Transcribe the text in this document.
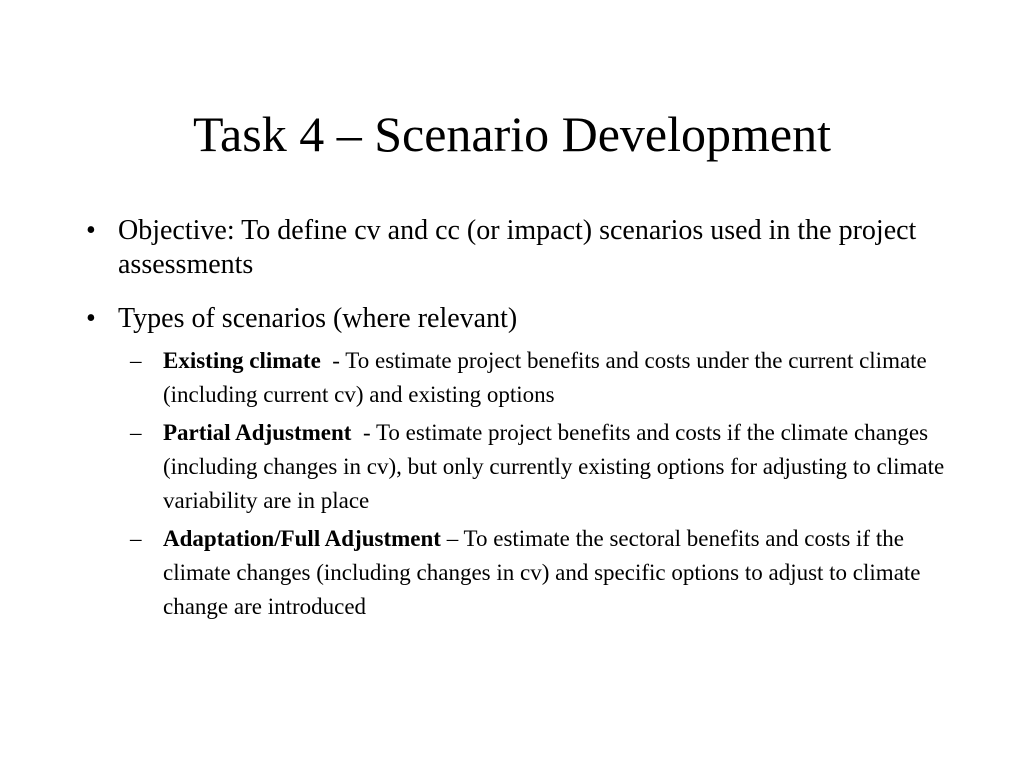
Task 4 – Scenario Development
• Objective: To define cv and cc (or impact) scenarios used in the project assessments
• Types of scenarios (where relevant)
– Existing climate  - To estimate project benefits and costs under the current climate (including current cv) and existing options
– Partial Adjustment  - To estimate project benefits and costs if the climate changes (including changes in cv), but only currently existing options for adjusting to climate variability are in place
– Adaptation/Full Adjustment – To estimate the sectoral benefits and costs if the climate changes (including changes in cv) and specific options to adjust to climate change are introduced
